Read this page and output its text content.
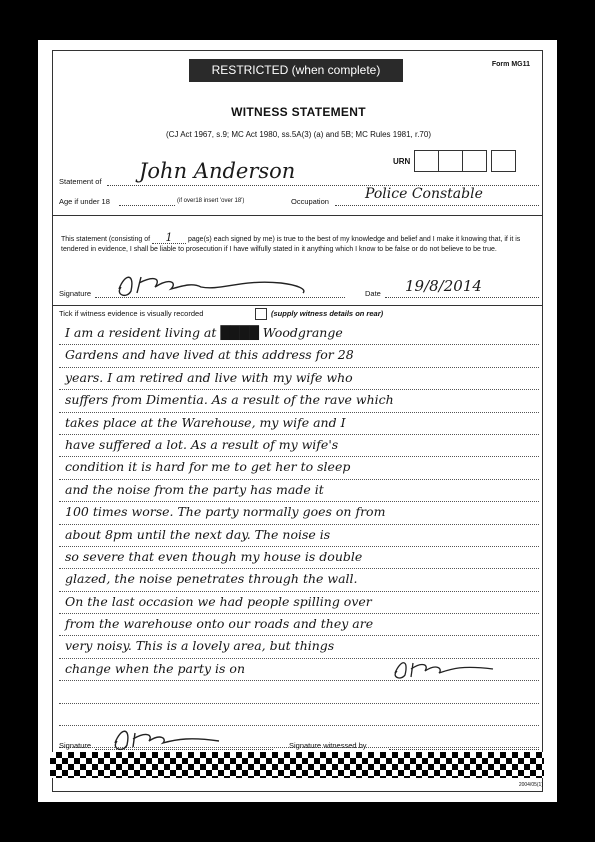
RESTRICTED (when complete)	Form MG11
WITNESS STATEMENT
(CJ Act 1967, s.9; MC Act 1980, ss.5A(3) (a) and 5B; MC Rules 1981, r.70)
URN
Statement of John Anderson
Age if under 18	(if over18 insert 'over 18')	Occupation	Police Constable
This statement (consisting of 1 page(s) each signed by me) is true to the best of my knowledge and belief and I make it knowing that, if it is tendered in evidence, I shall be liable to prosecution if I have wilfully stated in it anything which I know to be false or do not believe to be true.
Signature	Date 19/8/2014
Tick if witness evidence is visually recorded	(supply witness details on rear)
I am a resident living at ████ Woodgrange
Gardens and have lived at this address for 28
years. I am retired and live with my wife who
suffers from Dimentia. As a result of the rave which
takes place at the Warehouse, my wife and I
have suffered a lot. As a result of my wife's
condition it is hard for me to get her to sleep
and the noise from the party has made it
100 times worse. The party normally goes on from
about 8pm until the next day. The noise is
so severe that even though my house is double
glazed, the noise penetrates through the wall.
On the last occasion we had people spilling over
from the warehouse onto our roads and they are
very noisy. This is a lovely area, but things
change when the party is on
Signature	Signature witnessed by
2004/05(1)
